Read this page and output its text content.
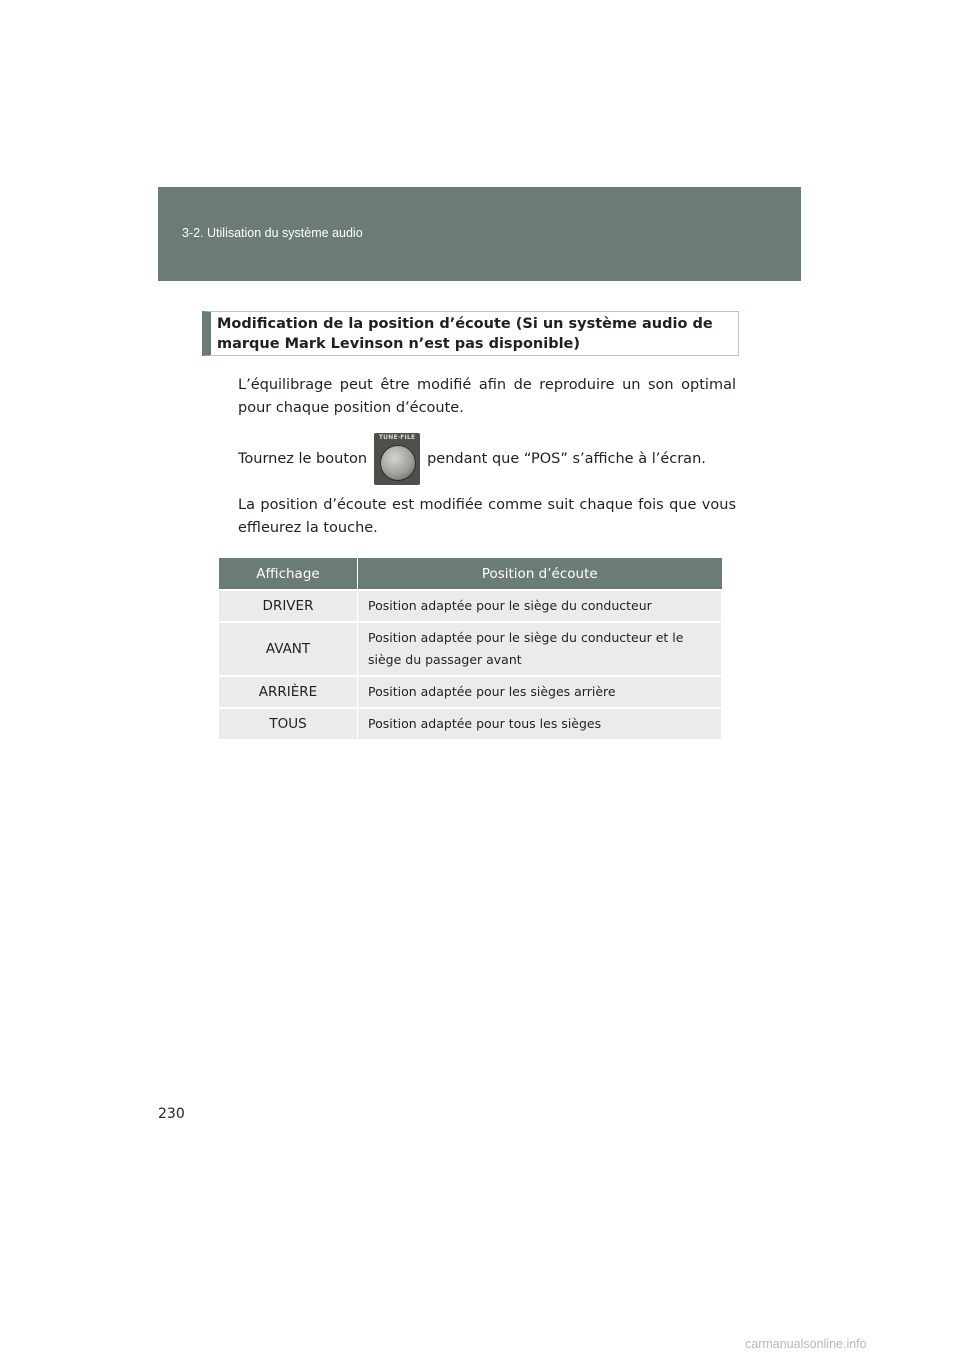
3-2. Utilisation du système audio
Modification de la position d’écoute (Si un système audio de marque Mark Levinson n’est pas disponible)
L’équilibrage peut être modifié afin de reproduire un son optimal pour chaque position d’écoute.
Tournez le bouton
TUNE·FILE
pendant que “POS” s’affiche à l’écran.
La position d’écoute est modifiée comme suit chaque fois que vous effleurez la touche.
Affichage	Position d’écoute
DRIVER	Position adaptée pour le siège du conducteur
AVANT	Position adaptée pour le siège du conducteur et le siège du passager avant
ARRIÈRE	Position adaptée pour les sièges arrière
TOUS	Position adaptée pour tous les sièges
230
carmanualsonline.info
